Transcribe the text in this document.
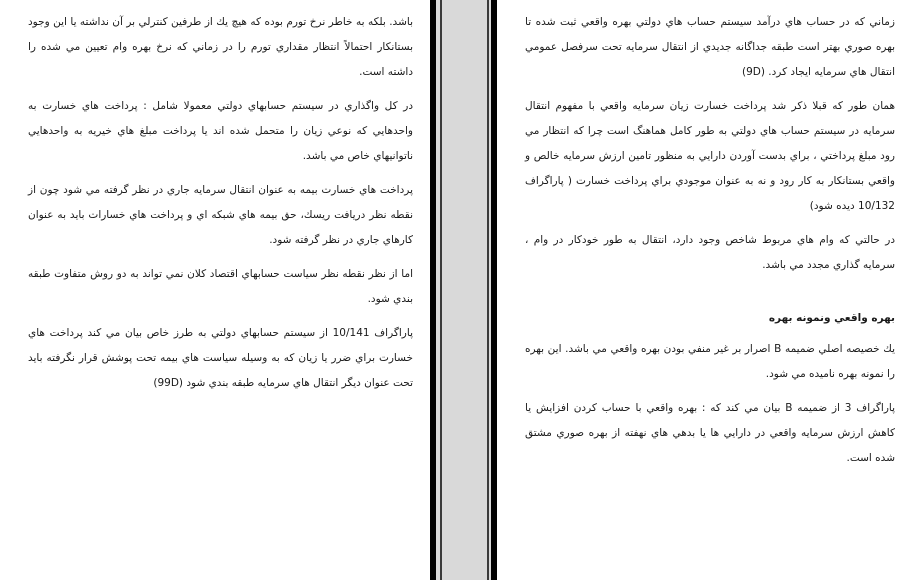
باشد. بلكه به خاطر نرخ تورم بوده كه هيچ يك از طرفين كنترلي بر آن نداشته يا اين وجود بستانكار احتمالاً انتظار مقداري تورم را در زماني كه نرخ بهره وام تعيين مي شده را داشته است.

در كل واگذاري در سيستم حسابهاي دولتي معمولا شامل : پرداخت هاي خسارت به واحدهايي كه نوعي زيان را متحمل شده اند يا پرداخت مبلغ هاي خيريه به واحدهايي ناتوانيهاي خاص مي باشد.

پرداخت هاي خسارت بيمه به عنوان انتقال سرمايه جاري در نظر گرفته مي شود چون از نقطه نظر دريافت ريسك، حق بيمه هاي شبكه اي و پرداخت هاي خسارات بايد به عنوان كارهاي جاري در نظر گرفته شود.

اما از نظر نقطه نظر سياست حسابهاي اقتصاد كلان نمي تواند به دو روش متفاوت طبقه بندي شود.

پاراگراف 10/141 از سيستم حسابهاي دولتي به طرز خاص بيان مي كند پرداخت هاي خسارت براي ضرر يا زيان كه به وسيله سياست هاي بيمه تحت پوشش قرار نگرفته بايد تحت عنوان ديگر انتقال هاي سرمايه طبقه بندي شود (99D)

زماني كه در حساب هاي درآمد سيستم حساب هاي دولتي بهره واقعي ثبت شده تا بهره صوري بهتر است طبقه جداگانه جديدي از انتقال سرمايه تحت سرفصل عمومي انتقال هاي سرمايه ايجاد كرد. (9D)

همان طور كه قبلا ذكر شد پرداخت خسارت زيان سرمايه واقعي با مفهوم انتقال سرمايه در سيستم حساب هاي دولتي به طور كامل هماهنگ است چرا كه انتظار مي رود مبلغ پرداختي ، براي بدست آوردن دارايي به منظور تامين ارزش سرمايه خالص و واقعي بستانكار به كار رود و نه به عنوان موجودي براي پرداخت خسارت ( پاراگراف 10/132 ديده شود)

در حالتي كه وام هاي مربوط شاخص وجود دارد، انتقال به طور خودكار در وام ، سرمايه گذاري مجدد مي باشد.

بهره واقعي ونمونه بهره

يك خصيصه اصلي ضميمه B اصرار بر غير منفي بودن بهره واقعي مي باشد. اين بهره را نمونه بهره ناميده مي شود.

پاراگراف 3 از ضميمه B بيان مي كند كه : بهره واقعي با حساب كردن افزايش يا كاهش ارزش سرمايه واقعي در دارايي ها يا بدهي هاي نهفته از بهره صوري مشتق شده است.
